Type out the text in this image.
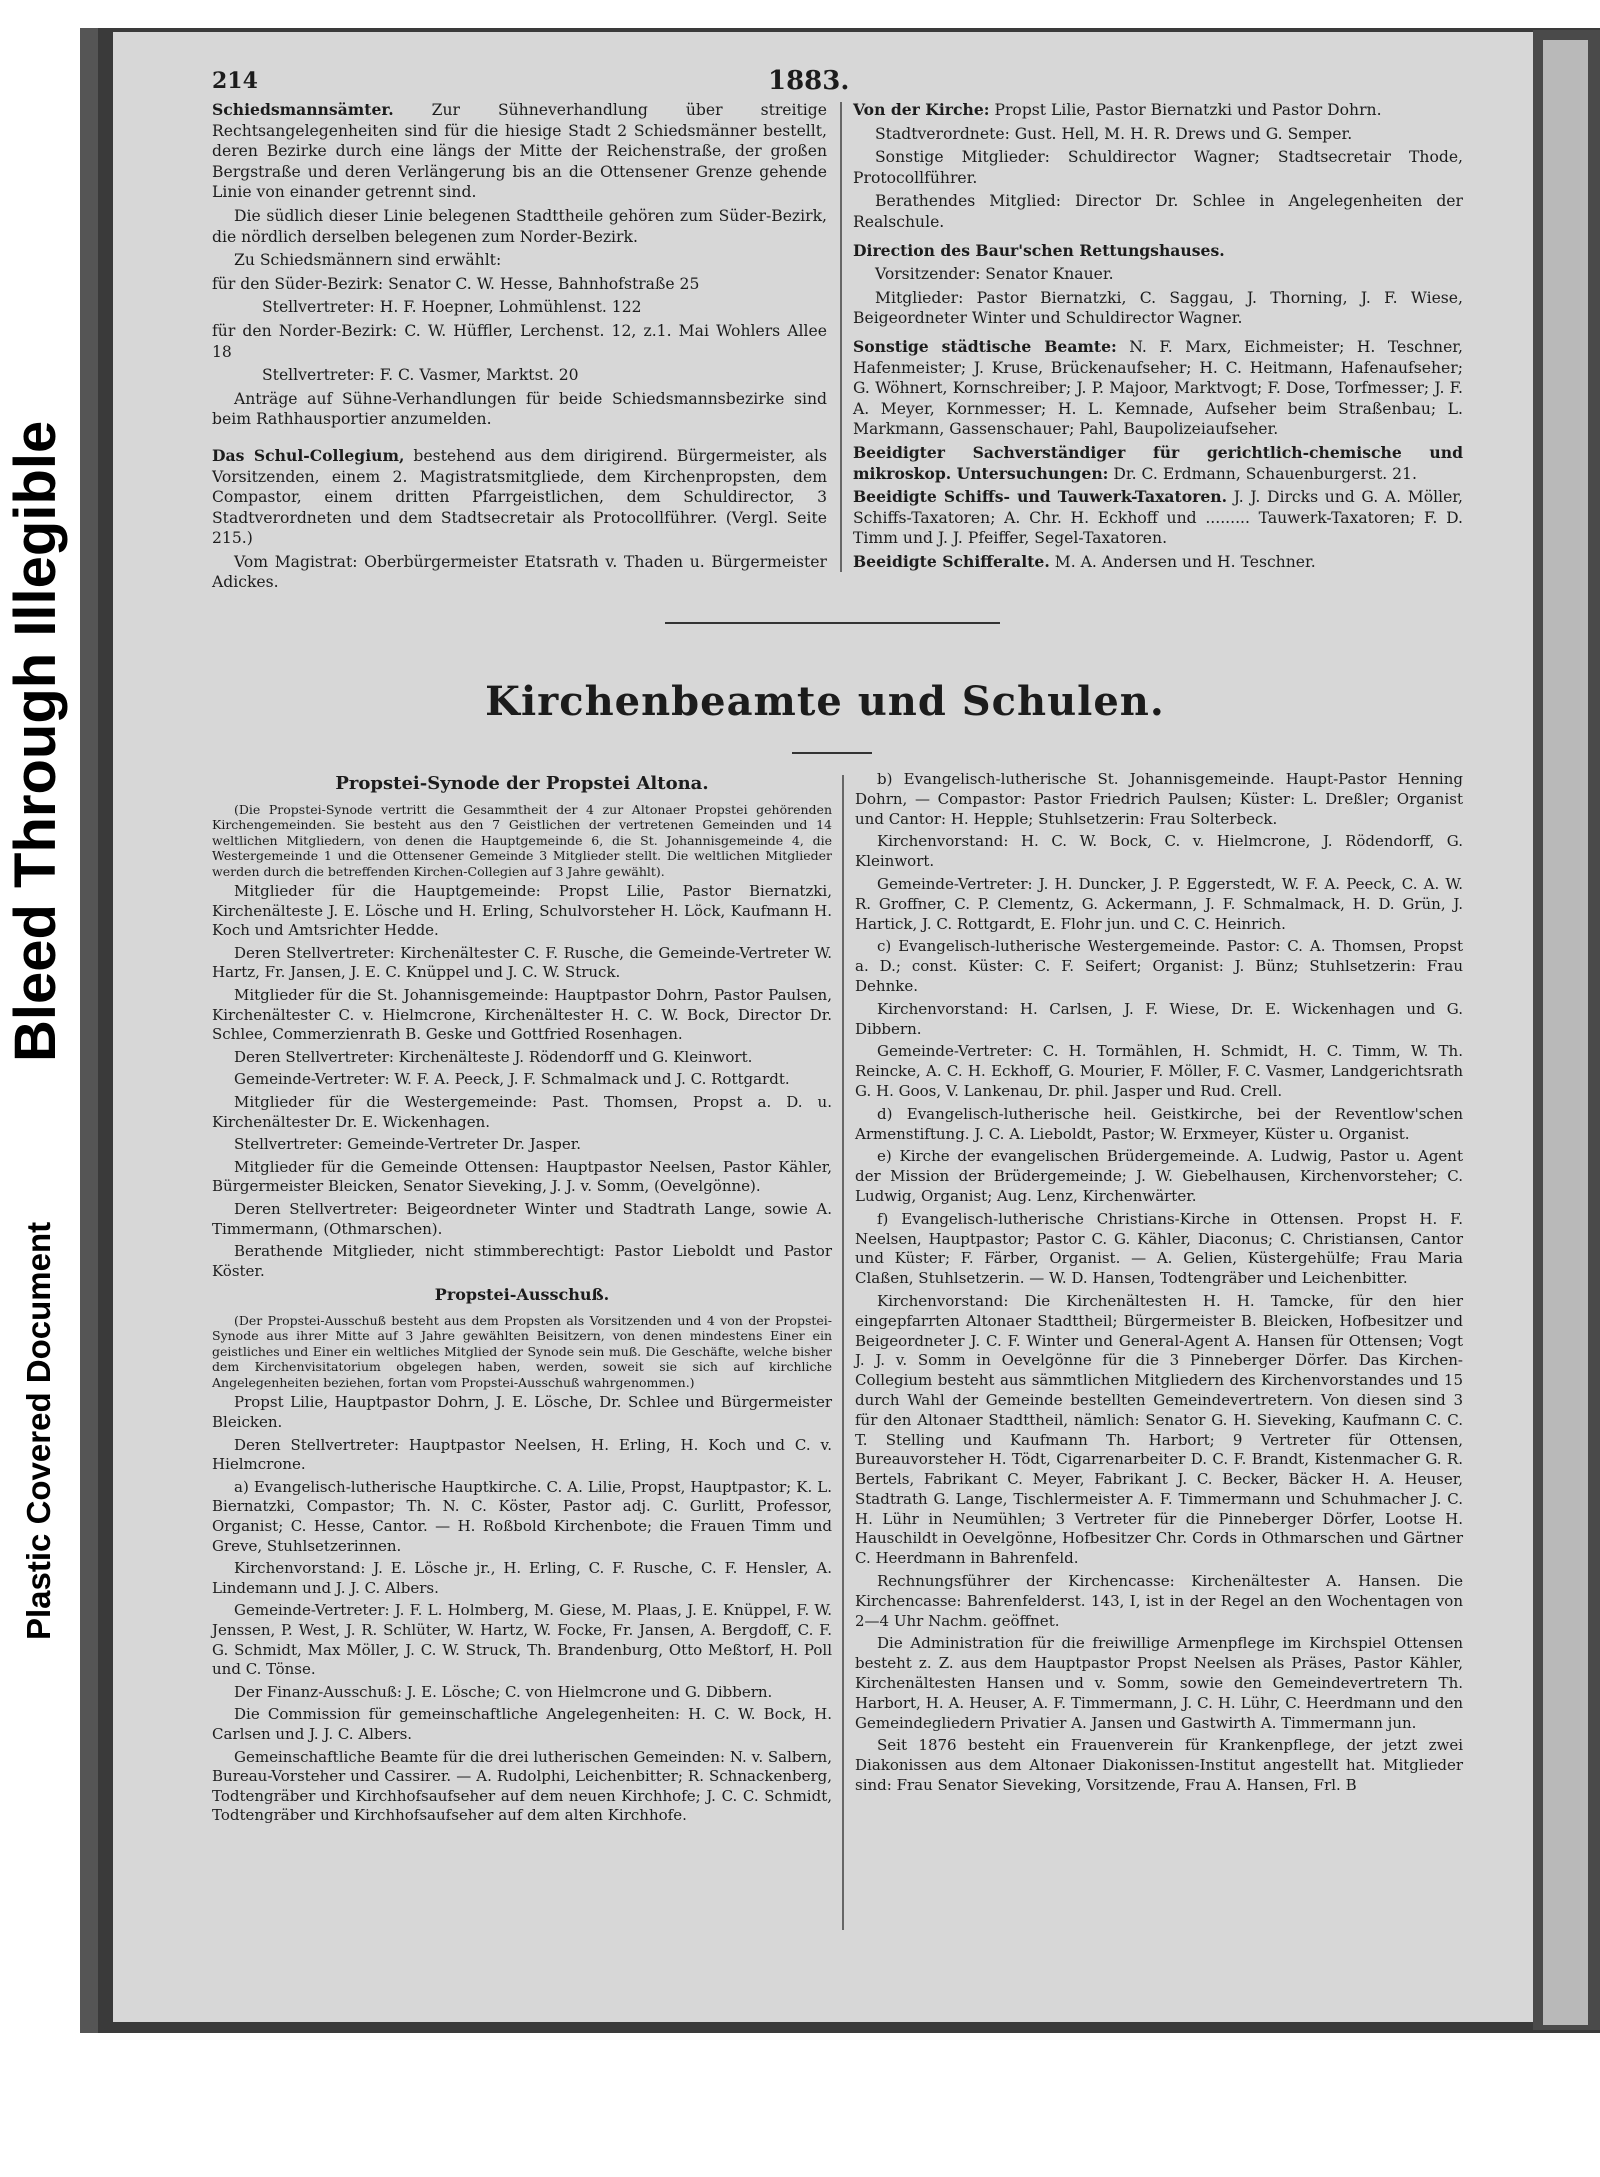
Bleed Through Illegible
Plastic Covered Document
214	1883.

Schiedsmannsämter. Zur Sühneverhandlung über streitige Rechtsangelegenheiten sind für die hiesige Stadt 2 Schiedsmänner bestellt, deren Bezirke durch eine längs der Mitte der Reichenstraße, der großen Bergstraße und deren Verlängerung bis an die Ottensener Grenze gehende Linie von einander getrennt sind.

Die südlich dieser Linie belegenen Stadttheile gehören zum Süder-Bezirk, die nördlich derselben belegenen zum Norder-Bezirk.

Zu Schiedsmännern sind erwählt:

für den Süder-Bezirk: Senator C. W. Hesse, Bahnhofstraße 25

Stellvertreter: H. F. Hoepner, Lohmühlenst. 122

für den Norder-Bezirk: C. W. Hüffler, Lerchenst. 12, z.1. Mai Wohlers Allee 18

Stellvertreter: F. C. Vasmer, Marktst. 20

Anträge auf Sühne-Verhandlungen für beide Schiedsmannsbezirke sind beim Rathhausportier anzumelden.

Das Schul-Collegium, bestehend aus dem dirigirend. Bürgermeister, als Vorsitzenden, einem 2. Magistratsmitgliede, dem Kirchenpropsten, dem Compastor, einem dritten Pfarrgeistlichen, dem Schuldirector, 3 Stadtverordneten und dem Stadtsecretair als Protocollführer. (Vergl. Seite 215.)

Vom Magistrat: Oberbürgermeister Etatsrath v. Thaden u. Bürgermeister Adickes.

Von der Kirche: Propst Lilie, Pastor Biernatzki und Pastor Dohrn.

Stadtverordnete: Gust. Hell, M. H. R. Drews und G. Semper.

Sonstige Mitglieder: Schuldirector Wagner; Stadtsecretair Thode, Protocollführer.

Berathendes Mitglied: Director Dr. Schlee in Angelegenheiten der Realschule.

Direction des Baur'schen Rettungshauses.

Vorsitzender: Senator Knauer.

Mitglieder: Pastor Biernatzki, C. Saggau, J. Thorning, J. F. Wiese, Beigeordneter Winter und Schuldirector Wagner.

Sonstige städtische Beamte: N. F. Marx, Eichmeister; H. Teschner, Hafenmeister; J. Kruse, Brückenaufseher; H. C. Heitmann, Hafenaufseher; G. Wöhnert, Kornschreiber; J. P. Majoor, Marktvogt; F. Dose, Torfmesser; J. F. A. Meyer, Kornmesser; H. L. Kemnade, Aufseher beim Straßenbau; L. Markmann, Gassenschauer; Pahl, Baupolizeiaufseher.

Beeidigter Sachverständiger für gerichtlich-chemische und mikroskop. Untersuchungen: Dr. C. Erdmann, Schauenburgerst. 21.

Beeidigte Schiffs- und Tauwerk-Taxatoren. J. J. Dircks und G. A. Möller, Schiffs-Taxatoren; A. Chr. H. Eckhoff und ......... Tauwerk-Taxatoren; F. D. Timm und J. J. Pfeiffer, Segel-Taxatoren.

Beeidigte Schifferalte. M. A. Andersen und H. Teschner.

Kirchenbeamte und Schulen.
Propstei-Synode der Propstei Altona.

(Die Propstei-Synode vertritt die Gesammtheit der 4 zur Altonaer Propstei gehörenden Kirchengemeinden. Sie besteht aus den 7 Geistlichen der vertretenen Gemeinden und 14 weltlichen Mitgliedern, von denen die Hauptgemeinde 6, die St. Johannisgemeinde 4, die Westergemeinde 1 und die Ottensener Gemeinde 3 Mitglieder stellt. Die weltlichen Mitglieder werden durch die betreffenden Kirchen-Collegien auf 3 Jahre gewählt).

Mitglieder für die Hauptgemeinde: Propst Lilie, Pastor Biernatzki, Kirchenälteste J. E. Lösche und H. Erling, Schulvorsteher H. Löck, Kaufmann H. Koch und Amtsrichter Hedde.

Deren Stellvertreter: Kirchenältester C. F. Rusche, die Gemeinde-Vertreter W. Hartz, Fr. Jansen, J. E. C. Knüppel und J. C. W. Struck.

Mitglieder für die St. Johannisgemeinde: Hauptpastor Dohrn, Pastor Paulsen, Kirchenältester C. v. Hielmcrone, Kirchenältester H. C. W. Bock, Director Dr. Schlee, Commerzienrath B. Geske und Gottfried Rosenhagen.

Deren Stellvertreter: Kirchenälteste J. Rödendorff und G. Kleinwort.

Gemeinde-Vertreter: W. F. A. Peeck, J. F. Schmalmack und J. C. Rottgardt.

Mitglieder für die Westergemeinde: Past. Thomsen, Propst a. D. u. Kirchenältester Dr. E. Wickenhagen.

Stellvertreter: Gemeinde-Vertreter Dr. Jasper.

Mitglieder für die Gemeinde Ottensen: Hauptpastor Neelsen, Pastor Kähler, Bürgermeister Bleicken, Senator Sieveking, J. J. v. Somm, (Oevelgönne).

Deren Stellvertreter: Beigeordneter Winter und Stadtrath Lange, sowie A. Timmermann, (Othmarschen).

Berathende Mitglieder, nicht stimmberechtigt: Pastor Lieboldt und Pastor Köster.

Propstei-Ausschuß.

(Der Propstei-Ausschuß besteht aus dem Propsten als Vorsitzenden und 4 von der Propstei-Synode aus ihrer Mitte auf 3 Jahre gewählten Beisitzern, von denen mindestens Einer ein geistliches und Einer ein weltliches Mitglied der Synode sein muß. Die Geschäfte, welche bisher dem Kirchenvisitatorium obgelegen haben, werden, soweit sie sich auf kirchliche Angelegenheiten beziehen, fortan vom Propstei-Ausschuß wahrgenommen.)

Propst Lilie, Hauptpastor Dohrn, J. E. Lösche, Dr. Schlee und Bürgermeister Bleicken.

Deren Stellvertreter: Hauptpastor Neelsen, H. Erling, H. Koch und C. v. Hielmcrone.

a) Evangelisch-lutherische Hauptkirche. C. A. Lilie, Propst, Hauptpastor; K. L. Biernatzki, Compastor; Th. N. C. Köster, Pastor adj. C. Gurlitt, Professor, Organist; C. Hesse, Cantor. — H. Roßbold Kirchenbote; die Frauen Timm und Greve, Stuhlsetzerinnen.

Kirchenvorstand: J. E. Lösche jr., H. Erling, C. F. Rusche, C. F. Hensler, A. Lindemann und J. J. C. Albers.

Gemeinde-Vertreter: J. F. L. Holmberg, M. Giese, M. Plaas, J. E. Knüppel, F. W. Jenssen, P. West, J. R. Schlüter, W. Hartz, W. Focke, Fr. Jansen, A. Bergdoff, C. F. G. Schmidt, Max Möller, J. C. W. Struck, Th. Brandenburg, Otto Meßtorf, H. Poll und C. Tönse.

Der Finanz-Ausschuß: J. E. Lösche; C. von Hielmcrone und G. Dibbern.

Die Commission für gemeinschaftliche Angelegenheiten: H. C. W. Bock, H. Carlsen und J. J. C. Albers.

Gemeinschaftliche Beamte für die drei lutherischen Gemeinden: N. v. Salbern, Bureau-Vorsteher und Cassirer. — A. Rudolphi, Leichenbitter; R. Schnackenberg, Todtengräber und Kirchhofsaufseher auf dem neuen Kirchhofe; J. C. C. Schmidt, Todtengräber und Kirchhofsaufseher auf dem alten Kirchhofe.

b) Evangelisch-lutherische St. Johannisgemeinde. Haupt-Pastor Henning Dohrn, — Compastor: Pastor Friedrich Paulsen; Küster: L. Dreßler; Organist und Cantor: H. Hepple; Stuhlsetzerin: Frau Solterbeck.

Kirchenvorstand: H. C. W. Bock, C. v. Hielmcrone, J. Rödendorff, G. Kleinwort.

Gemeinde-Vertreter: J. H. Duncker, J. P. Eggerstedt, W. F. A. Peeck, C. A. W. R. Groffner, C. P. Clementz, G. Ackermann, J. F. Schmalmack, H. D. Grün, J. Hartick, J. C. Rottgardt, E. Flohr jun. und C. C. Heinrich.

c) Evangelisch-lutherische Westergemeinde. Pastor: C. A. Thomsen, Propst a. D.; const. Küster: C. F. Seifert; Organist: J. Bünz; Stuhlsetzerin: Frau Dehnke.

Kirchenvorstand: H. Carlsen, J. F. Wiese, Dr. E. Wickenhagen und G. Dibbern.

Gemeinde-Vertreter: C. H. Tormählen, H. Schmidt, H. C. Timm, W. Th. Reincke, A. C. H. Eckhoff, G. Mourier, F. Möller, F. C. Vasmer, Landgerichtsrath G. H. Goos, V. Lankenau, Dr. phil. Jasper und Rud. Crell.

d) Evangelisch-lutherische heil. Geistkirche, bei der Reventlow'schen Armenstiftung. J. C. A. Lieboldt, Pastor; W. Erxmeyer, Küster u. Organist.

e) Kirche der evangelischen Brüdergemeinde. A. Ludwig, Pastor u. Agent der Mission der Brüdergemeinde; J. W. Giebelhausen, Kirchenvorsteher; C. Ludwig, Organist; Aug. Lenz, Kirchenwärter.

f) Evangelisch-lutherische Christians-Kirche in Ottensen. Propst H. F. Neelsen, Hauptpastor; Pastor C. G. Kähler, Diaconus; C. Christiansen, Cantor und Küster; F. Färber, Organist. — A. Gelien, Küstergehülfe; Frau Maria Claßen, Stuhlsetzerin. — W. D. Hansen, Todtengräber und Leichenbitter.

Kirchenvorstand: Die Kirchenältesten H. H. Tamcke, für den hier eingepfarrten Altonaer Stadttheil; Bürgermeister B. Bleicken, Hofbesitzer und Beigeordneter J. C. F. Winter und General-Agent A. Hansen für Ottensen; Vogt J. J. v. Somm in Oevelgönne für die 3 Pinneberger Dörfer. Das Kirchen-Collegium besteht aus sämmtlichen Mitgliedern des Kirchenvorstandes und 15 durch Wahl der Gemeinde bestellten Gemeindevertretern. Von diesen sind 3 für den Altonaer Stadttheil, nämlich: Senator G. H. Sieveking, Kaufmann C. C. T. Stelling und Kaufmann Th. Harbort; 9 Vertreter für Ottensen, Bureauvorsteher H. Tödt, Cigarrenarbeiter D. C. F. Brandt, Kistenmacher G. R. Bertels, Fabrikant C. Meyer, Fabrikant J. C. Becker, Bäcker H. A. Heuser, Stadtrath G. Lange, Tischlermeister A. F. Timmermann und Schuhmacher J. C. H. Lühr in Neumühlen; 3 Vertreter für die Pinneberger Dörfer, Lootse H. Hauschildt in Oevelgönne, Hofbesitzer Chr. Cords in Othmarschen und Gärtner C. Heerdmann in Bahrenfeld.

Rechnungsführer der Kirchencasse: Kirchenältester A. Hansen. Die Kirchencasse: Bahrenfelderst. 143, I, ist in der Regel an den Wochentagen von 2—4 Uhr Nachm. geöffnet.

Die Administration für die freiwillige Armenpflege im Kirchspiel Ottensen besteht z. Z. aus dem Hauptpastor Propst Neelsen als Präses, Pastor Kähler, Kirchenältesten Hansen und v. Somm, sowie den Gemeindevertretern Th. Harbort, H. A. Heuser, A. F. Timmermann, J. C. H. Lühr, C. Heerdmann und den Gemeindegliedern Privatier A. Jansen und Gastwirth A. Timmermann jun.

Seit 1876 besteht ein Frauenverein für Krankenpflege, der jetzt zwei Diakonissen aus dem Altonaer Diakonissen-Institut angestellt hat. Mitglieder sind: Frau Senator Sieveking, Vorsitzende, Frau A. Hansen, Frl. B
